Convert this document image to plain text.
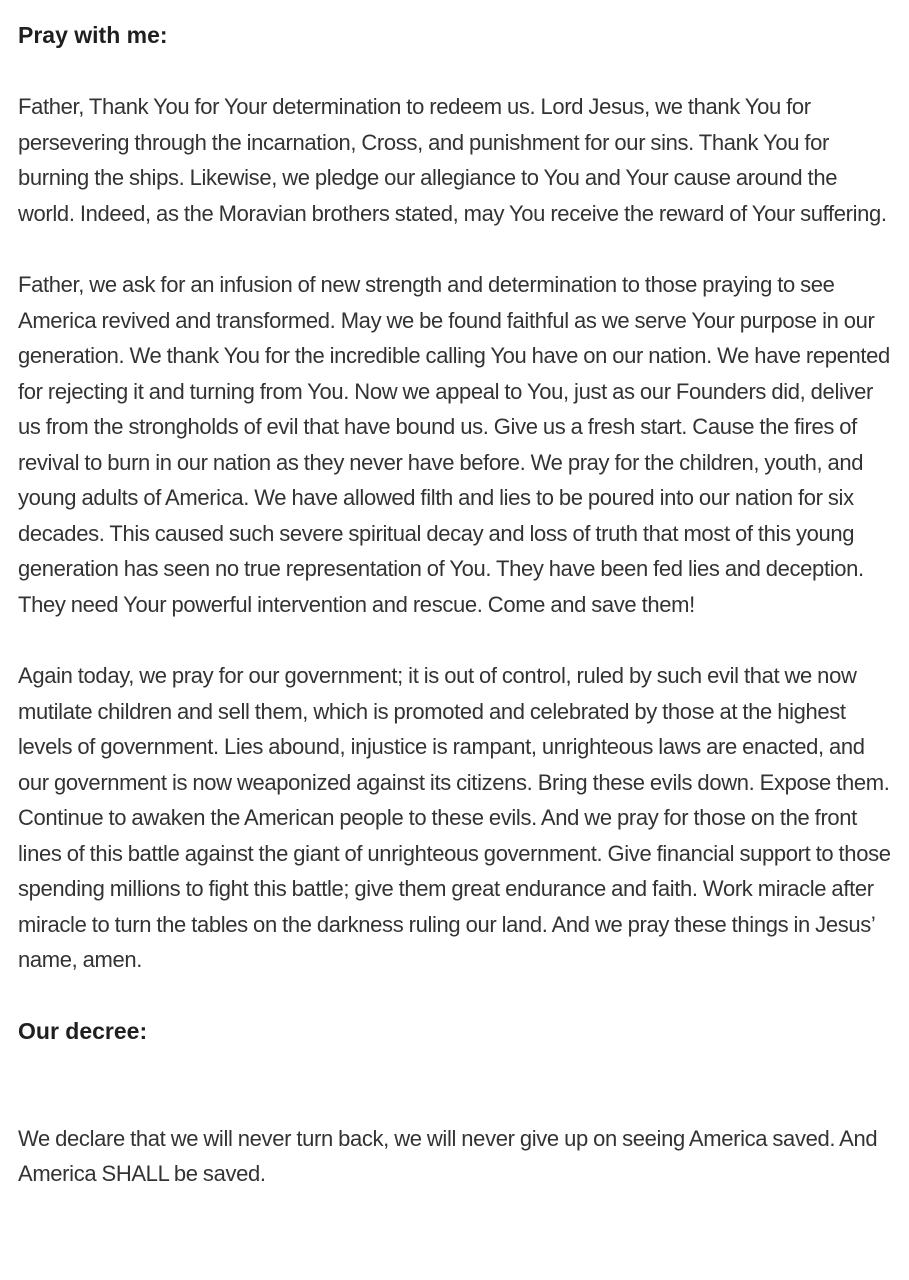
Pray with me:

Father, Thank You for Your determination to redeem us. Lord Jesus, we thank You for persevering through the incarnation, Cross, and punishment for our sins. Thank You for burning the ships. Likewise, we pledge our allegiance to You and Your cause around the world. Indeed, as the Moravian brothers stated, may You receive the reward of Your suffering.

Father, we ask for an infusion of new strength and determination to those praying to see America revived and transformed. May we be found faithful as we serve Your purpose in our generation. We thank You for the incredible calling You have on our nation. We have repented for rejecting it and turning from You. Now we appeal to You, just as our Founders did, deliver us from the strongholds of evil that have bound us. Give us a fresh start. Cause the fires of revival to burn in our nation as they never have before. We pray for the children, youth, and young adults of America. We have allowed filth and lies to be poured into our nation for six decades. This caused such severe spiritual decay and loss of truth that most of this young generation has seen no true representation of You. They have been fed lies and deception. They need Your powerful intervention and rescue. Come and save them!

Again today, we pray for our government; it is out of control, ruled by such evil that we now mutilate children and sell them, which is promoted and celebrated by those at the highest levels of government. Lies abound, injustice is rampant, unrighteous laws are enacted, and our government is now weaponized against its citizens. Bring these evils down. Expose them. Continue to awaken the American people to these evils. And we pray for those on the front lines of this battle against the giant of unrighteous government. Give financial support to those spending millions to fight this battle; give them great endurance and faith. Work miracle after miracle to turn the tables on the darkness ruling our land. And we pray these things in Jesus’ name, amen.

Our decree:

We declare that we will never turn back, we will never give up on seeing America saved. And America SHALL be saved.
